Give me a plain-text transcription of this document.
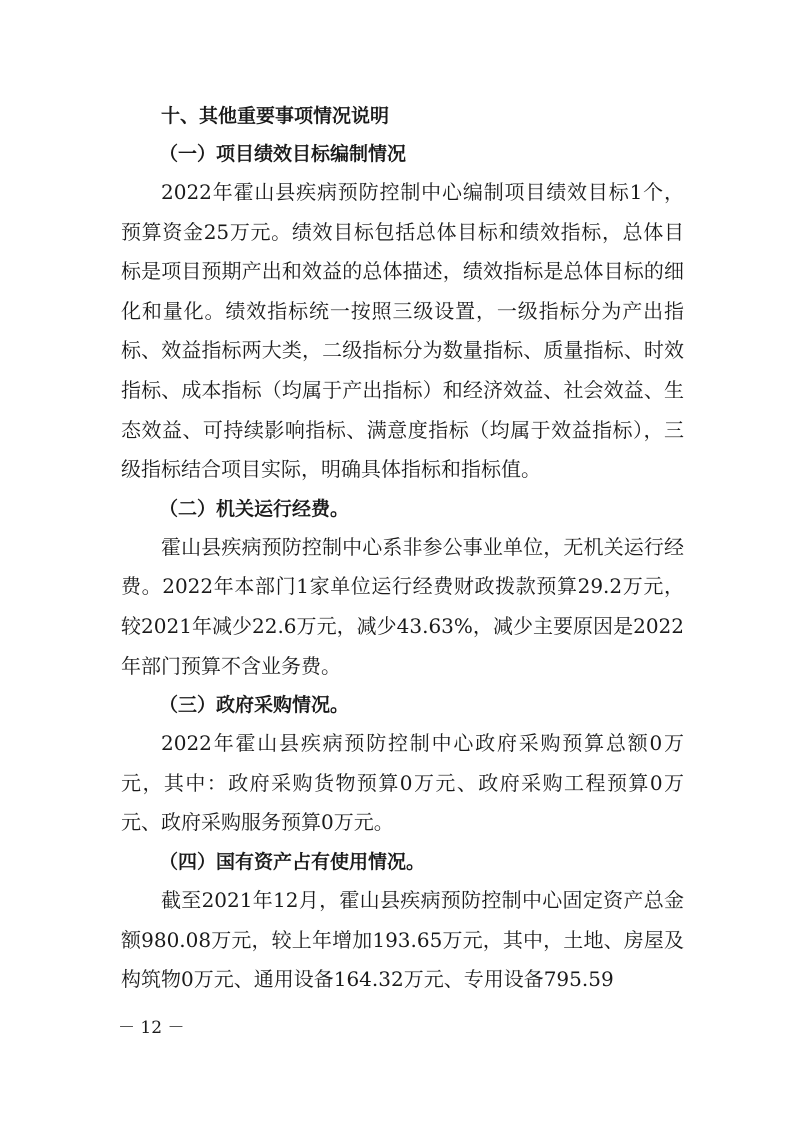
十、其他重要事项情况说明
（一）项目绩效目标编制情况

2022年霍山县疾病预防控制中心编制项目绩效目标1个，预算资金25万元。绩效目标包括总体目标和绩效指标，总体目标是项目预期产出和效益的总体描述，绩效指标是总体目标的细化和量化。绩效指标统一按照三级设置，一级指标分为产出指标、效益指标两大类，二级指标分为数量指标、质量指标、时效指标、成本指标（均属于产出指标）和经济效益、社会效益、生态效益、可持续影响指标、满意度指标（均属于效益指标），三级指标结合项目实际，明确具体指标和指标值。

（二）机关运行经费。

霍山县疾病预防控制中心系非参公事业单位，无机关运行经费。2022年本部门1家单位运行经费财政拨款预算29.2万元，较2021年减少22.6万元，减少43.63%，减少主要原因是2022年部门预算不含业务费。

（三）政府采购情况。

2022年霍山县疾病预防控制中心政府采购预算总额0万元，其中：政府采购货物预算0万元、政府采购工程预算0万元、政府采购服务预算0万元。

（四）国有资产占有使用情况。

截至2021年12月，霍山县疾病预防控制中心固定资产总金额980.08万元，较上年增加193.65万元，其中，土地、房屋及构筑物0万元、通用设备164.32万元、专用设备795.59

－ 12 －
